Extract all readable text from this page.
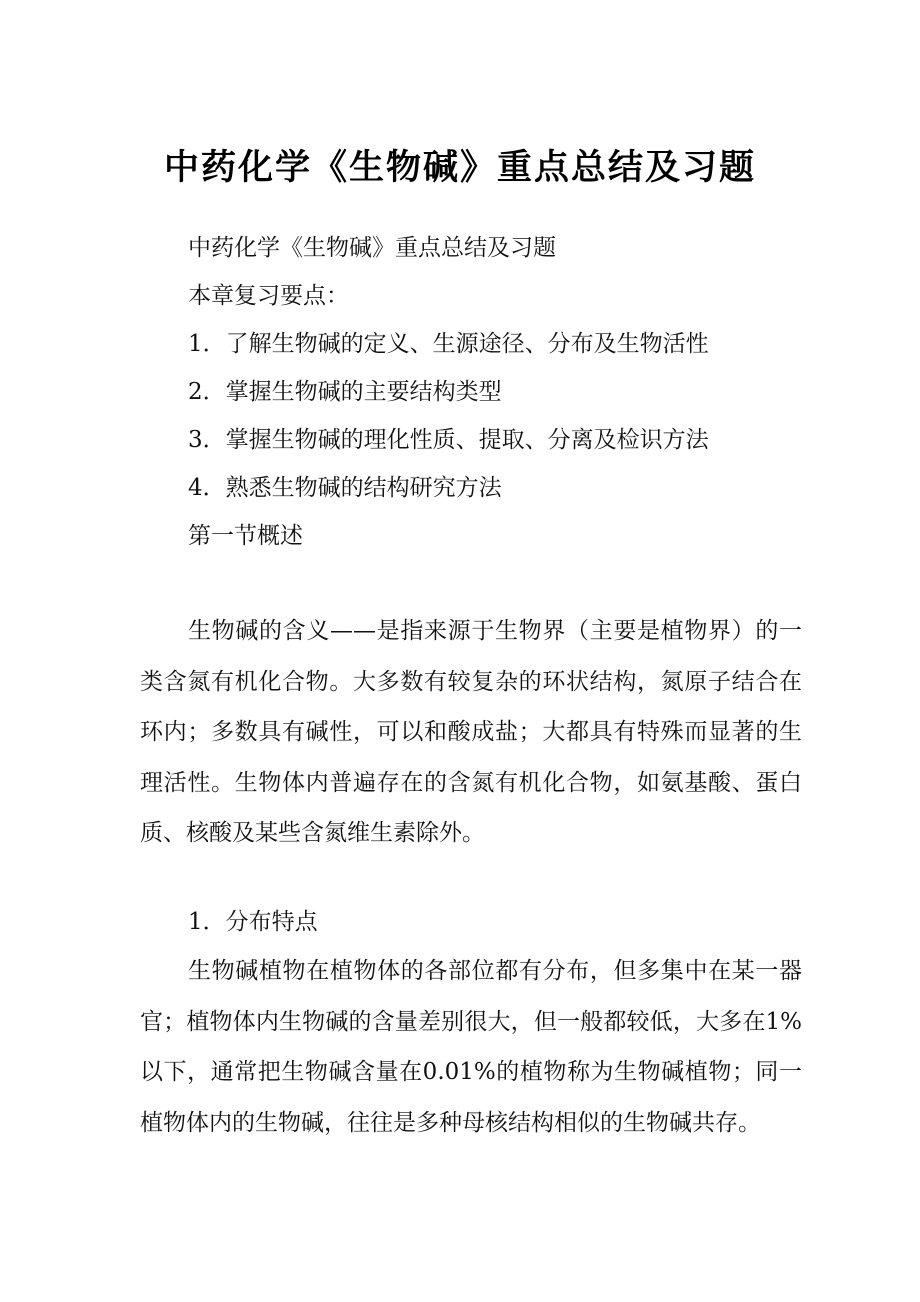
中药化学《生物碱》重点总结及习题
中药化学《生物碱》重点总结及习题
本章复习要点：
1．了解生物碱的定义、生源途径、分布及生物活性
2．掌握生物碱的主要结构类型
3．掌握生物碱的理化性质、提取、分离及检识方法
4．熟悉生物碱的结构研究方法
第一节概述
生物碱的含义——是指来源于生物界（主要是植物界）的一类含氮有机化合物。大多数有较复杂的环状结构，氮原子结合在环内；多数具有碱性，可以和酸成盐；大都具有特殊而显著的生理活性。生物体内普遍存在的含氮有机化合物，如氨基酸、蛋白质、核酸及某些含氮维生素除外。
1．分布特点
生物碱植物在植物体的各部位都有分布，但多集中在某一器官；植物体内生物碱的含量差别很大，但一般都较低，大多在1%以下，通常把生物碱含量在0.01%的植物称为生物碱植物；同一植物体内的生物碱，往往是多种母核结构相似的生物碱共存。
